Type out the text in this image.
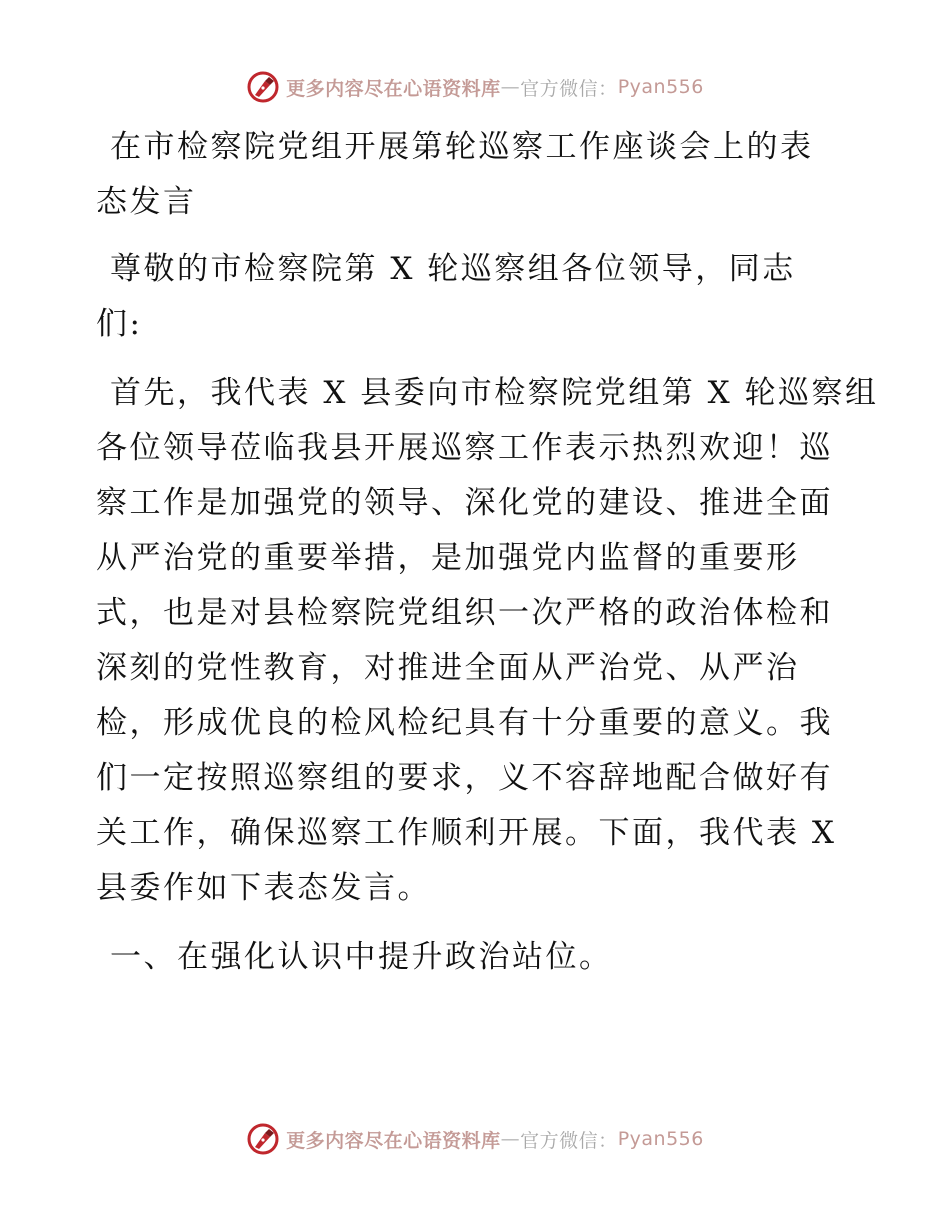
更多内容尽在心语资料库 — 官方微信： Pyan556
在市检察院党组开展第轮巡察工作座谈会上的表
态发言
尊敬的市检察院第 X 轮巡察组各位领导，同志
们:
首先，我代表 X 县委向市检察院党组第 X 轮巡察组
各位领导莅临我县开展巡察工作表示热烈欢迎！巡
察工作是加强党的领导、深化党的建设、推进全面
从严治党的重要举措，是加强党内监督的重要形
式，也是对县检察院党组织一次严格的政治体检和
深刻的党性教育，对推进全面从严治党、从严治
检，形成优良的检风检纪具有十分重要的意义。我
们一定按照巡察组的要求，义不容辞地配合做好有
关工作，确保巡察工作顺利开展。下面，我代表 X
县委作如下表态发言。
一、在强化认识中提升政治站位。
更多内容尽在心语资料库 — 官方微信： Pyan556
